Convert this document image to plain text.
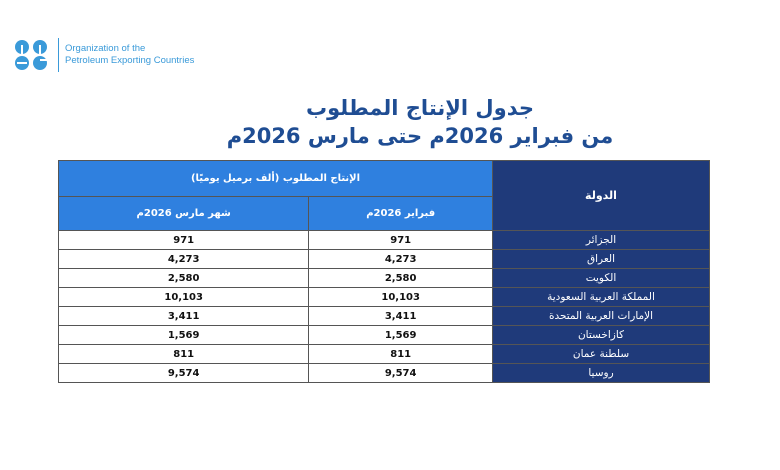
Organization of the
Petroleum Exporting Countries
جدول الإنتاج المطلوب
من فبراير 2026م حتى مارس 2026م
الدولة	الإنتاج المطلوب (ألف برميل يوميًا)	
	فبراير 2026م	شهر مارس 2026م
الجزائر	971	971
العراق	4,273	4,273
الكويت	2,580	2,580
المملكة العربية السعودية	10,103	10,103
الإمارات العربية المتحدة	3,411	3,411
كازاخستان	1,569	1,569
سلطنة عمان	811	811
روسيا	9,574	9,574
